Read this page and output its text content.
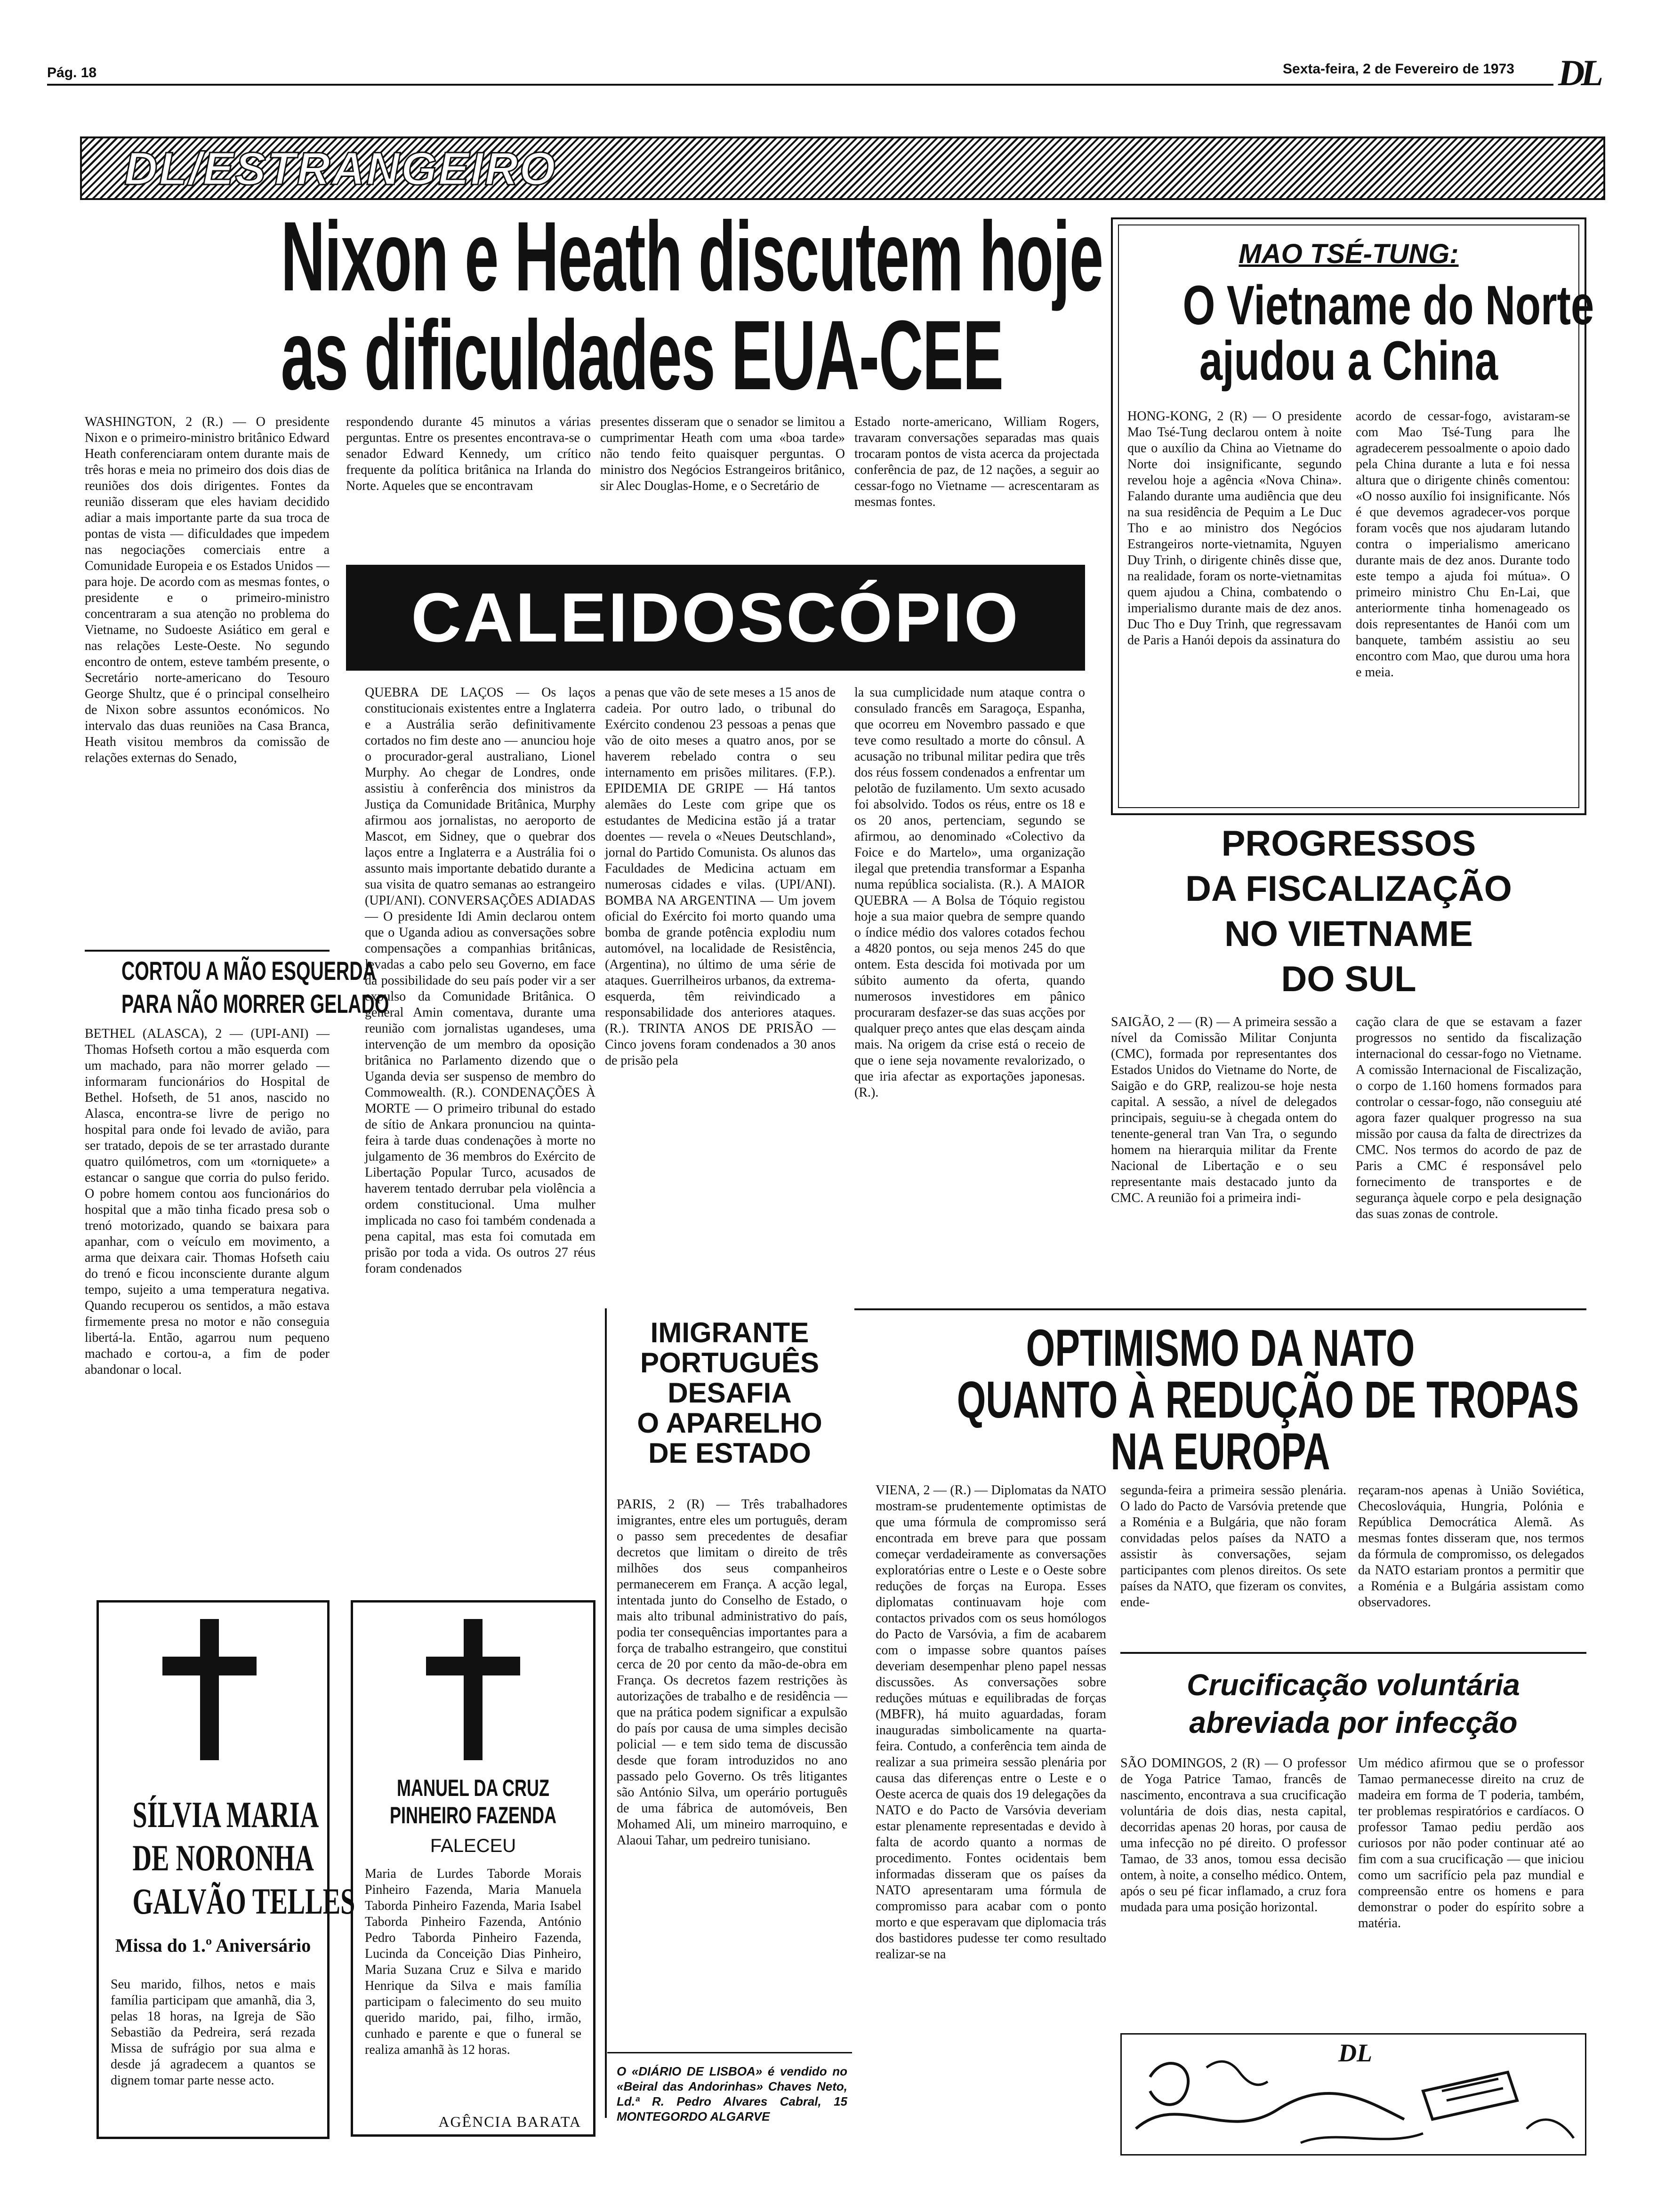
Pág. 18	Sexta-feira, 2 de Fevereiro de 1973 DL
DL/ESTRANGEIRO
Nixon e Heath discutem hoje
as dificuldades EUA-CEE

WASHINGTON, 2 (R.) — O presidente Nixon e o primeiro-ministro britânico Edward Heath conferenciaram ontem durante mais de três horas e meia no primeiro dos dois dias de reuniões dos dois dirigentes. Fontes da reunião disseram que eles haviam decidido adiar a mais importante parte da sua troca de pontas de vista — dificuldades que impedem nas negociações comerciais entre a Comunidade Europeia e os Estados Unidos — para hoje. De acordo com as mesmas fontes, o presidente e o primeiro-ministro concentraram a sua atenção no problema do Vietname, no Sudoeste Asiático em geral e nas relações Leste-Oeste. No segundo encontro de ontem, esteve também presente, o Secretário norte-americano do Tesouro George Shultz, que é o principal conselheiro de Nixon sobre assuntos económicos. No intervalo das duas reuniões na Casa Branca, Heath visitou membros da comissão de relações externas do Senado,

respondendo durante 45 minutos a várias perguntas. Entre os presentes encontrava-se o senador Edward Kennedy, um crítico frequente da política britânica na Irlanda do Norte. Aqueles que se encontravam

presentes disseram que o senador se limitou a cumprimentar Heath com uma «boa tarde» não tendo feito quaisquer perguntas. O ministro dos Negócios Estrangeiros britânico, sir Alec Douglas-Home, e o Secretário de

Estado norte-americano, William Rogers, travaram conversações separadas mas quais trocaram pontos de vista acerca da projectada conferência de paz, de 12 nações, a seguir ao cessar-fogo no Vietname — acrescentaram as mesmas fontes.

MAO TSÉ-TUNG:
O Vietname do Norte
ajudou a China

HONG-KONG, 2 (R) — O presidente Mao Tsé-Tung declarou ontem à noite que o auxílio da China ao Vietname do Norte doi insignificante, segundo revelou hoje a agência «Nova China». Falando durante uma audiência que deu na sua residência de Pequim a Le Duc Tho e ao ministro dos Negócios Estrangeiros norte-vietnamita, Nguyen Duy Trinh, o dirigente chinês disse que, na realidade, foram os norte-vietnamitas quem ajudou a China, combatendo o imperialismo durante mais de dez anos. Duc Tho e Duy Trinh, que regressavam de Paris a Hanói depois da assinatura do

acordo de cessar-fogo, avistaram-se com Mao Tsé-Tung para lhe agradecerem pessoalmente o apoio dado pela China durante a luta e foi nessa altura que o dirigente chinês comentou: «O nosso auxílio foi insignificante. Nós é que devemos agradecer-vos porque foram vocês que nos ajudaram lutando contra o imperialismo americano durante mais de dez anos. Durante todo este tempo a ajuda foi mútua». O primeiro ministro Chu En-Lai, que anteriormente tinha homenageado os dois representantes de Hanói com um banquete, também assistiu ao seu encontro com Mao, que durou uma hora e meia.

CALEIDOSCÓPIO

QUEBRA DE LAÇOS — Os laços constitucionais existentes entre a Inglaterra e a Austrália serão definitivamente cortados no fim deste ano — anunciou hoje o procurador-geral australiano, Lionel Murphy. Ao chegar de Londres, onde assistiu à conferência dos ministros da Justiça da Comunidade Britânica, Murphy afirmou aos jornalistas, no aeroporto de Mascot, em Sidney, que o quebrar dos laços entre a Inglaterra e a Austrália foi o assunto mais importante debatido durante a sua visita de quatro semanas ao estrangeiro (UPI/ANI). CONVERSAÇÕES ADIADAS — O presidente Idi Amin declarou ontem que o Uganda adiou as conversações sobre compensações a companhias britânicas, levadas a cabo pelo seu Governo, em face da possibilidade do seu país poder vir a ser expulso da Comunidade Britânica. O general Amin comentava, durante uma reunião com jornalistas ugandeses, uma intervenção de um membro da oposição britânica no Parlamento dizendo que o Uganda devia ser suspenso de membro do Commowealth. (R.). CONDENAÇÕES À MORTE — O primeiro tribunal do estado de sítio de Ankara pronunciou na quinta-feira à tarde duas condenações à morte no julgamento de 36 membros do Exército de Libertação Popular Turco, acusados de haverem tentado derrubar pela violência a ordem constitucional. Uma mulher implicada no caso foi também condenada a pena capital, mas esta foi comutada em prisão por toda a vida. Os outros 27 réus foram condenados

a penas que vão de sete meses a 15 anos de cadeia. Por outro lado, o tribunal do Exército condenou 23 pessoas a penas que vão de oito meses a quatro anos, por se haverem rebelado contra o seu internamento em prisões militares. (F.P.). EPIDEMIA DE GRIPE — Há tantos alemães do Leste com gripe que os estudantes de Medicina estão já a tratar doentes — revela o «Neues Deutschland», jornal do Partido Comunista. Os alunos das Faculdades de Medicina actuam em numerosas cidades e vilas. (UPI/ANI). BOMBA NA ARGENTINA — Um jovem oficial do Exército foi morto quando uma bomba de grande potência explodiu num automóvel, na localidade de Resistência, (Argentina), no último de uma série de ataques. Guerrilheiros urbanos, da extrema-esquerda, têm reivindicado a responsabilidade dos anteriores ataques. (R.). TRINTA ANOS DE PRISÃO — Cinco jovens foram condenados a 30 anos de prisão pela

la sua cumplicidade num ataque contra o consulado francês em Saragoça, Espanha, que ocorreu em Novembro passado e que teve como resultado a morte do cônsul. A acusação no tribunal militar pedira que três dos réus fossem condenados a enfrentar um pelotão de fuzilamento. Um sexto acusado foi absolvido. Todos os réus, entre os 18 e os 20 anos, pertenciam, segundo se afirmou, ao denominado «Colectivo da Foice e do Martelo», uma organização ilegal que pretendia transformar a Espanha numa república socialista. (R.). A MAIOR QUEBRA — A Bolsa de Tóquio registou hoje a sua maior quebra de sempre quando o índice médio dos valores cotados fechou a 4820 pontos, ou seja menos 245 do que ontem. Esta descida foi motivada por um súbito aumento da oferta, quando numerosos investidores em pânico procuraram desfazer-se das suas acções por qualquer preço antes que elas desçam ainda mais. Na origem da crise está o receio de que o iene seja novamente revalorizado, o que iria afectar as exportações japonesas. (R.).

CORTOU A MÃO ESQUERDA
PARA NÃO MORRER GELADO

BETHEL (ALASCA), 2 — (UPI-ANI) — Thomas Hofseth cortou a mão esquerda com um machado, para não morrer gelado — informaram funcionários do Hospital de Bethel. Hofseth, de 51 anos, nascido no Alasca, encontra-se livre de perigo no hospital para onde foi levado de avião, para ser tratado, depois de se ter arrastado durante quatro quilómetros, com um «torniquete» a estancar o sangue que corria do pulso ferido. O pobre homem contou aos funcionários do hospital que a mão tinha ficado presa sob o trenó motorizado, quando se baixara para apanhar, com o veículo em movimento, a arma que deixara cair. Thomas Hofseth caiu do trenó e ficou inconsciente durante algum tempo, sujeito a uma temperatura negativa. Quando recuperou os sentidos, a mão estava firmemente presa no motor e não conseguia libertá-la. Então, agarrou num pequeno machado e cortou-a, a fim de poder abandonar o local.

PROGRESSOS
DA FISCALIZAÇÃO
NO VIETNAME
DO SUL

SAIGÃO, 2 — (R) — A primeira sessão a nível da Comissão Militar Conjunta (CMC), formada por representantes dos Estados Unidos do Vietname do Norte, de Saigão e do GRP, realizou-se hoje nesta capital. A sessão, a nível de delegados principais, seguiu-se à chegada ontem do tenente-general tran Van Tra, o segundo homem na hierarquia militar da Frente Nacional de Libertação e o seu representante mais destacado junto da CMC. A reunião foi a primeira indi-

cação clara de que se estavam a fazer progressos no sentido da fiscalização internacional do cessar-fogo no Vietname. A comissão Internacional de Fiscalização, o corpo de 1.160 homens formados para controlar o cessar-fogo, não conseguiu até agora fazer qualquer progresso na sua missão por causa da falta de directrizes da CMC. Nos termos do acordo de paz de Paris a CMC é responsável pelo fornecimento de transportes e de segurança àquele corpo e pela designação das suas zonas de controle.

IMIGRANTE
PORTUGUÊS
DESAFIA
O APARELHO
DE ESTADO

PARIS, 2 (R) — Três trabalhadores imigrantes, entre eles um português, deram o passo sem precedentes de desafiar decretos que limitam o direito de três milhões dos seus companheiros permanecerem em França. A acção legal, intentada junto do Conselho de Estado, o mais alto tribunal administrativo do país, podia ter consequências importantes para a força de trabalho estrangeiro, que constitui cerca de 20 por cento da mão-de-obra em França. Os decretos fazem restrições às autorizações de trabalho e de residência — que na prática podem significar a expulsão do país por causa de uma simples decisão policial — e tem sido tema de discussão desde que foram introduzidos no ano passado pelo Governo. Os três litigantes são António Silva, um operário português de uma fábrica de automóveis, Ben Mohamed Ali, um mineiro marroquino, e Alaoui Tahar, um pedreiro tunisiano.

O «DIÁRIO DE LISBOA» é vendido no «Beiral das Andorinhas» Chaves Neto, Ld.ª R. Pedro Alvares Cabral, 15 MONTEGORDO ALGARVE

OPTIMISMO DA NATO
QUANTO À REDUÇÃO DE TROPAS
NA EUROPA

VIENA, 2 — (R.) — Diplomatas da NATO mostram-se prudentemente optimistas de que uma fórmula de compromisso será encontrada em breve para que possam começar verdadeiramente as conversações exploratórias entre o Leste e o Oeste sobre reduções de forças na Europa. Esses diplomatas continuavam hoje com contactos privados com os seus homólogos do Pacto de Varsóvia, a fim de acabarem com o impasse sobre quantos países deveriam desempenhar pleno papel nessas discussões. As conversações sobre reduções mútuas e equilibradas de forças (MBFR), há muito aguardadas, foram inauguradas simbolicamente na quarta-feira. Contudo, a conferência tem ainda de realizar a sua primeira sessão plenária por causa das diferenças entre o Leste e o Oeste acerca de quais dos 19 delegações da NATO e do Pacto de Varsóvia deveriam estar plenamente representadas e devido à falta de acordo quanto a normas de procedimento. Fontes ocidentais bem informadas disseram que os países da NATO apresentaram uma fórmula de compromisso para acabar com o ponto morto e que esperavam que diplomacia trás dos bastidores pudesse ter como resultado realizar-se na

segunda-feira a primeira sessão plenária. O lado do Pacto de Varsóvia pretende que a Roménia e a Bulgária, que não foram convidadas pelos países da NATO a assistir às conversações, sejam participantes com plenos direitos. Os sete países da NATO, que fizeram os convites, endе-

reçaram-nos apenas à União Soviética, Checoslováquia, Hungria, Polónia e República Democrática Alemã. As mesmas fontes disseram que, nos termos da fórmula de compromisso, os delegados da NATO estariam prontos a permitir que a Roménia e a Bulgária assistam como observadores.

Crucificação voluntária
abreviada por infecção

SÃO DOMINGOS, 2 (R) — O professor de Yoga Patrice Tamao, francês de nascimento, encontrava a sua crucificação voluntária de dois dias, nesta capital, decorridas apenas 20 horas, por causa de uma infecção no pé direito. O professor Tamao, de 33 anos, tomou essa decisão ontem, à noite, a conselho médico. Ontem, após o seu pé ficar inflamado, a cruz fora mudada para uma posição horizontal.

Um médico afirmou que se o professor Tamao permanecesse direito na cruz de madeira em forma de T poderia, também, ter problemas respiratórios e cardíacos. O professor Tamao pediu perdão aos curiosos por não poder continuar até ao fim com a sua crucificação — que iniciou como um sacrifício pela paz mundial e compreensão entre os homens e para demonstrar o poder do espírito sobre a matéria.

DL
SÍLVIA MARIA
DE NORONHA
GALVÃO TELLES
Missa do 1.º Aniversário

Seu marido, filhos, netos e mais família participam que amanhã, dia 3, pelas 18 horas, na Igreja de São Sebastião da Pedreira, será rezada Missa de sufrágio por sua alma e desde já agradecem a quantos se dignem tomar parte nesse acto.

MANUEL DA CRUZ
PINHEIRO FAZENDA
FALECEU

Maria de Lurdes Taborde Morais Pinheiro Fazenda, Maria Manuela Taborda Pinheiro Fazenda, Maria Isabel Taborda Pinheiro Fazenda, António Pedro Taborda Pinheiro Fazenda, Lucinda da Conceição Dias Pinheiro, Maria Suzana Cruz e Silva e marido Henrique da Silva e mais família participam o falecimento do seu muito querido marido, pai, filho, irmão, cunhado e parente e que o funeral se realiza amanhã às 12 horas.

AGÊNCIA BARATA
